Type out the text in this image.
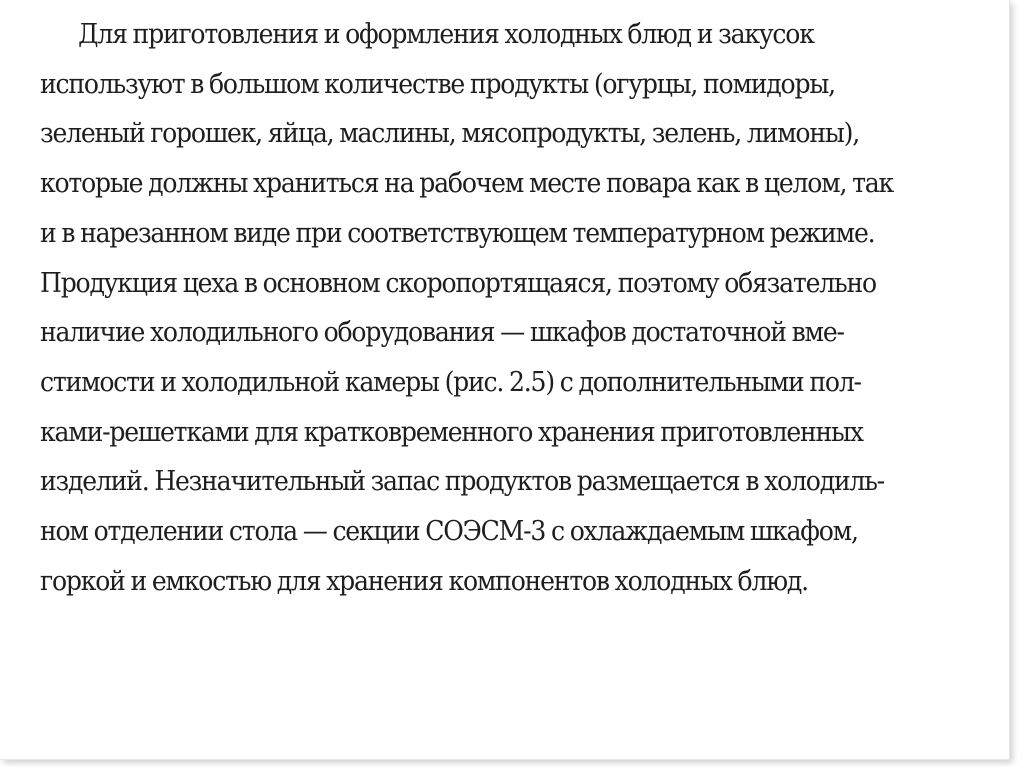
Для приготовления и оформления холодных блюд и закусок
используют в большом количестве продукты (огурцы, помидоры,
зеленый горошек, яйца, маслины, мясопродукты, зелень, лимоны),
которые должны храниться на рабочем месте повара как в целом, так
и в нарезанном виде при соответствующем температурном режиме.
Продукция цеха в основном скоропортящаяся, поэтому обязательно
наличие холодильного оборудования — шкафов достаточной вме-
стимости и холодильной камеры (рис. 2.5) с дополнительными пол-
ками-решетками для кратковременного хранения приготовленных
изделий. Незначительный запас продуктов размещается в холодиль-
ном отделении стола — секции СОЭСМ-3 с охлаждаемым шкафом,
горкой и емкостью для хранения компонентов холодных блюд.
